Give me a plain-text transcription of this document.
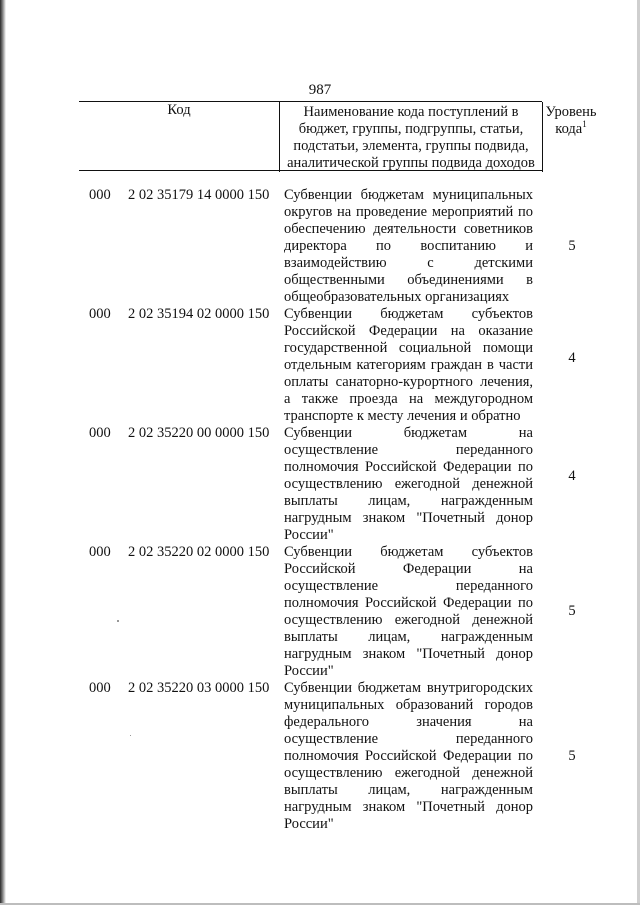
987
Код	Наименование кода поступлений в
бюджет, группы, подгруппы, статьи,
подстатьи, элемента, группы подвида,
аналитической группы подвида доходов
Уровень
кода$^1$
000 2 02 35179 14 0000 150 Субвенции бюджетам муниципальных округов на проведение мероприятий по обеспечению деятельности советников директора по воспитанию и взаимодействию с детскими общественными объединениями в общеобразовательных организациях
5
000 2 02 35194 02 0000 150 Субвенции бюджетам субъектов Российской Федерации на оказание государственной социальной помощи отдельным категориям граждан в части оплаты санаторно-курортного лечения, а также проезда на междугородном транспорте к месту лечения и обратно
4
000 2 02 35220 00 0000 150 Субвенции бюджетам на осуществление переданного полномочия Российской Федерации по осуществлению ежегодной денежной выплаты лицам, награжденным нагрудным знаком "Почетный донор России"
4
000 2 02 35220 02 0000 150 Субвенции бюджетам субъектов Российской Федерации на осуществление переданного полномочия Российской Федерации по осуществлению ежегодной денежной выплаты лицам, награжденным нагрудным знаком "Почетный донор России"
5
000 2 02 35220 03 0000 150 Субвенции бюджетам внутригородских муниципальных образований городов федерального значения на осуществление переданного полномочия Российской Федерации по осуществлению ежегодной денежной выплаты лицам, награжденным нагрудным знаком "Почетный донор России"
5
